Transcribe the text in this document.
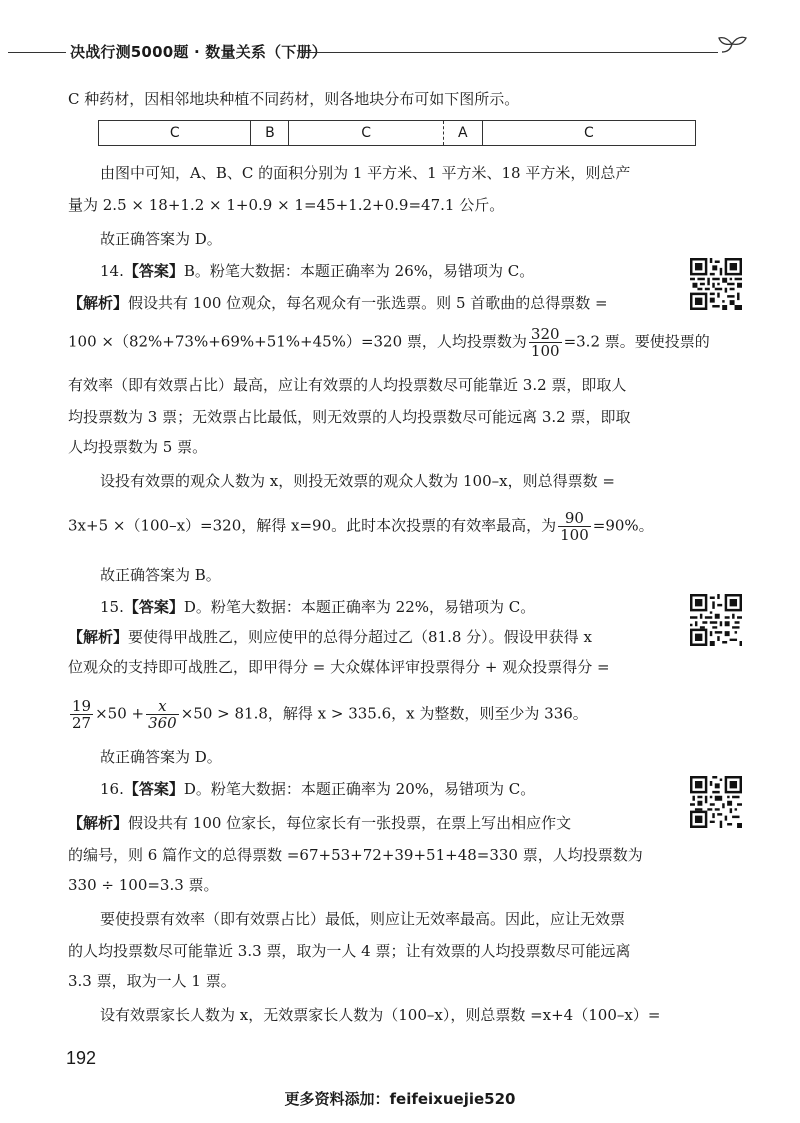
决战行测5000题 · 数量关系（下册）
C 种药材，因相邻地块种植不同药材，则各地块分布可如下图所示。
C	B	C	A	C
由图中可知，A、B、C 的面积分别为 1 平方米、1 平方米、18 平方米，则总产
量为 2.5 × 18+1.2 × 1+0.9 × 1=45+1.2+0.9=47.1 公斤。
故正确答案为 D。
14.【答案】B。粉笔大数据：本题正确率为 26%，易错项为 C。
【解析】假设共有 100 位观众，每名观众有一张选票。则 5 首歌曲的总得票数 =
100 ×（82%+73%+69%+51%+45%）=320 票，人均投票数为 $\frac{320}{100} =3.2$ 票。要使投票的
有效率（即有效票占比）最高，应让有效票的人均投票数尽可能靠近 3.2 票，即取人
均投票数为 3 票；无效票占比最低，则无效票的人均投票数尽可能远离 3.2 票，即取
人均投票数为 5 票。
设投有效票的观众人数为 x，则投无效票的观众人数为 100–x，则总得票数 =
3x+5 ×（100–x）=320，解得 x=90。此时本次投票的有效率最高，为 $\frac{90}{100} =90\%$。
故正确答案为 B。
15.【答案】D。粉笔大数据：本题正确率为 22%，易错项为 C。
【解析】要使得甲战胜乙，则应使甲的总得分超过乙（81.8 分）。假设甲获得 x
位观众的支持即可战胜乙，即甲得分 = 大众媒体评审投票得分 + 观众投票得分 =
$\frac{19}{27} \times 50 + \frac{x}{360} \times 50 > 81.8$，解得 x > 335.6，x 为整数，则至少为 336。
故正确答案为 D。
16.【答案】D。粉笔大数据：本题正确率为 20%，易错项为 C。
【解析】假设共有 100 位家长，每位家长有一张投票，在票上写出相应作文
的编号，则 6 篇作文的总得票数 =67+53+72+39+51+48=330 票，人均投票数为
330 ÷ 100=3.3 票。
要使投票有效率（即有效票占比）最低，则应让无效率最高。因此，应让无效票
的人均投票数尽可能靠近 3.3 票，取为一人 4 票；让有效票的人均投票数尽可能远离
3.3 票，取为一人 1 票。
设有效票家长人数为 x，无效票家长人数为（100–x），则总票数 =x+4（100–x）=
192
更多资料添加：feifeixuejie520
